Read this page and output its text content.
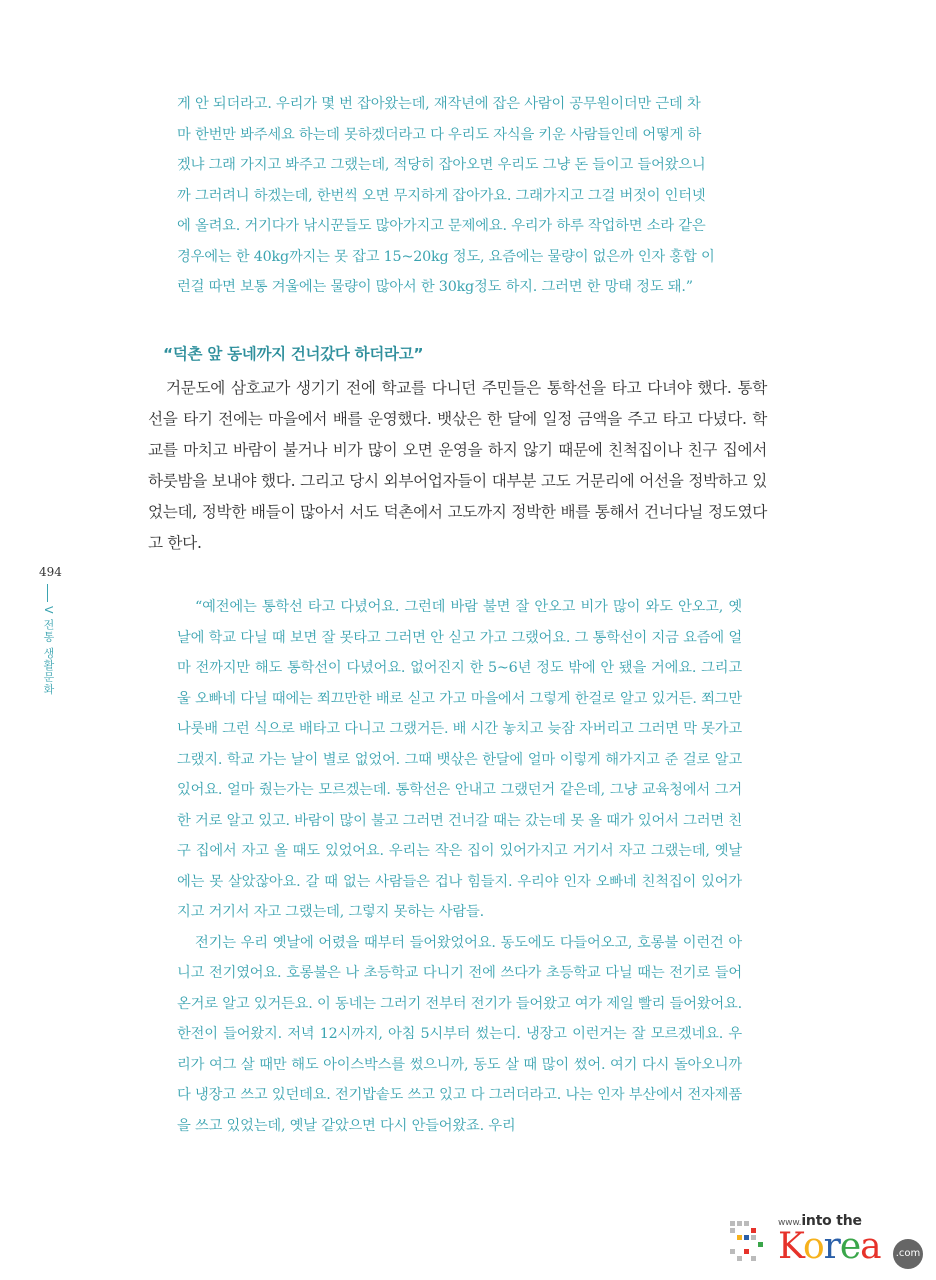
게 안 되더라고. 우리가 몇 번 잡아왔는데, 재작년에 잡은 사람이 공무원이더만 근데 차

마 한번만 봐주세요 하는데 못하겠더라고 다 우리도 자식을 키운 사람들인데 어떻게 하

겠냐 그래 가지고 봐주고 그랬는데, 적당히 잡아오면 우리도 그냥 돈 들이고 들어왔으니

까 그러려니 하겠는데, 한번씩 오면 무지하게 잡아가요. 그래가지고 그걸 버젓이 인터넷

에 올려요. 거기다가 낚시꾼들도 많아가지고 문제에요. 우리가 하루 작업하면 소라 같은

경우에는 한 40kg까지는 못 잡고 15~20kg 정도, 요즘에는 물량이 없은까 인자 홍합 이

런걸 따면 보통 겨울에는 물량이 많아서 한 30kg정도 하지. 그러면 한 망태 정도 돼.”

“덕촌 앞 동네까지 건너갔다 하더라고”

거문도에 삼호교가 생기기 전에 학교를 다니던 주민들은 통학선을 타고 다녀야 했다. 통학선을 타기 전에는 마을에서 배를 운영했다. 뱃삯은 한 달에 일정 금액을 주고 타고 다녔다. 학교를 마치고 바람이 불거나 비가 많이 오면 운영을 하지 않기 때문에 친척집이나 친구 집에서 하룻밤을 보내야 했다. 그리고 당시 외부어업자들이 대부분 고도 거문리에 어선을 정박하고 있었는데, 정박한 배들이 많아서 서도 덕촌에서 고도까지 정박한 배를 통해서 건너다닐 정도였다고 한다.

494
V 전통 생활문화

“예전에는 통학선 타고 다녔어요. 그런데 바람 불면 잘 안오고 비가 많이 와도 안오고, 옛날에 학교 다닐 때 보면 잘 못타고 그러면 안 싣고 가고 그랬어요. 그 통학선이 지금 요즘에 얼마 전까지만 해도 통학선이 다녔어요. 없어진지 한 5~6년 정도 밖에 안 됐을 거에요. 그리고 울 오빠네 다닐 때에는 쬐끄만한 배로 싣고 가고 마을에서 그렇게 한걸로 알고 있거든. 쬐그만 나룻배 그런 식으로 배타고 다니고 그랬거든. 배 시간 놓치고 늦잠 자버리고 그러면 막 못가고 그랬지. 학교 가는 날이 별로 없었어. 그때 뱃삯은 한달에 얼마 이렇게 해가지고 준 걸로 알고 있어요. 얼마 줬는가는 모르겠는데. 통학선은 안내고 그랬던거 같은데, 그냥 교육청에서 그거 한 거로 알고 있고. 바람이 많이 불고 그러면 건너갈 때는 갔는데 못 올 때가 있어서 그러면 친구 집에서 자고 올 때도 있었어요. 우리는 작은 집이 있어가지고 거기서 자고 그랬는데, 옛날에는 못 살았잖아요. 갈 때 없는 사람들은 겁나 힘들지. 우리야 인자 오빠네 친척집이 있어가지고 거기서 자고 그랬는데, 그렇지 못하는 사람들.

전기는 우리 옛날에 어렸을 때부터 들어왔었어요. 동도에도 다들어오고, 호롱불 이런건 아니고 전기였어요. 호롱불은 나 초등학교 다니기 전에 쓰다가 초등학교 다닐 때는 전기로 들어온거로 알고 있거든요. 이 동네는 그러기 전부터 전기가 들어왔고 여가 제일 빨리 들어왔어요. 한전이 들어왔지. 저녁 12시까지, 아침 5시부터 썼는디. 냉장고 이런거는 잘 모르겠네요. 우리가 여그 살 때만 해도 아이스박스를 썼으니까, 동도 살 때 많이 썼어. 여기 다시 돌아오니까 다 냉장고 쓰고 있던데요. 전기밥솥도 쓰고 있고 다 그러더라고. 나는 인자 부산에서 전자제품을 쓰고 있었는데, 옛날 같았으면 다시 안들어왔죠. 우리

www.into the
Korea .com
